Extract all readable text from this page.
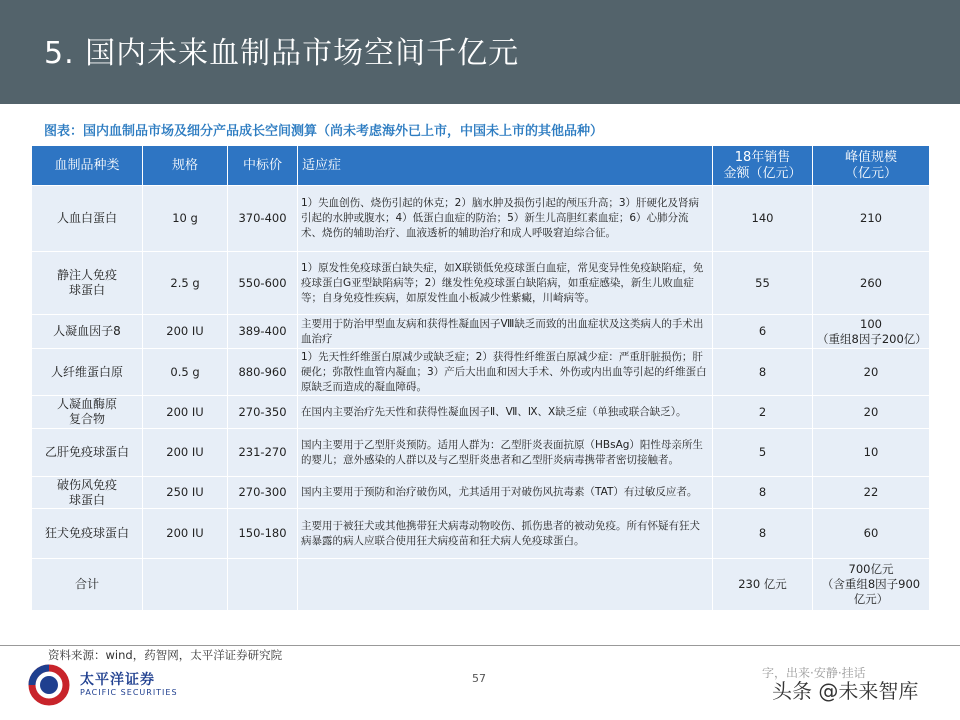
5. 国内未来血制品市场空间千亿元
图表：国内血制品市场及细分产品成长空间测算（尚未考虑海外已上市，中国未上市的其他品种）
血制品种类	规格	中标价	适应症	18年销售
金额（亿元）	峰值规模
（亿元）
人血白蛋白	10 g	370-400	1）失血创伤、烧伤引起的休克；2）脑水肿及损伤引起的颅压升高；3）肝硬化及肾病引起的水肿或腹水；4）低蛋白血症的防治；5）新生儿高胆红素血症；6）心肺分流术、烧伤的辅助治疗、血液透析的辅助治疗和成人呼吸窘迫综合征。	140	210
静注人免疫
球蛋白	2.5 g	550-600	1）原发性免疫球蛋白缺失症，如X联锁低免疫球蛋白血症，常见变异性免疫缺陷症，免疫球蛋白G亚型缺陷病等；2）继发性免疫球蛋白缺陷病，如重症感染，新生儿败血症等；自身免疫性疾病，如原发性血小板减少性紫癜，川崎病等。	55	260
人凝血因子8	200 IU	389-400	主要用于防治甲型血友病和获得性凝血因子Ⅷ缺乏而致的出血症状及这类病人的手术出血治疗	6	100
（重组8因子200亿）
人纤维蛋白原	0.5 g	880-960	1）先天性纤维蛋白原减少或缺乏症；2）获得性纤维蛋白原减少症：严重肝脏损伤；肝硬化；弥散性血管内凝血；3）产后大出血和因大手术、外伤或内出血等引起的纤维蛋白原缺乏而造成的凝血障碍。	8	20
人凝血酶原
复合物	200 IU	270-350	在国内主要治疗先天性和获得性凝血因子Ⅱ、Ⅶ、Ⅸ、Ⅹ缺乏症（单独或联合缺乏）。	2	20
乙肝免疫球蛋白	200 IU	231-270	国内主要用于乙型肝炎预防。适用人群为：乙型肝炎表面抗原（HBsAg）阳性母亲所生的婴儿；意外感染的人群以及与乙型肝炎患者和乙型肝炎病毒携带者密切接触者。	5	10
破伤风免疫
球蛋白	250 IU	270-300	国内主要用于预防和治疗破伤风，尤其适用于对破伤风抗毒素（TAT）有过敏反应者。	8	22
狂犬免疫球蛋白	200 IU	150-180	主要用于被狂犬或其他携带狂犬病毒动物咬伤、抓伤患者的被动免疫。所有怀疑有狂犬病暴露的病人应联合使用狂犬病疫苗和狂犬病人免疫球蛋白。	8	60
合计				230 亿元	700亿元
（含重组8因子900
亿元）
资料来源：wind，药智网，太平洋证券研究院
太平洋证券
PACIFIC SECURITIES
57	字，出来·安静·挂话
头条 @未来智库
